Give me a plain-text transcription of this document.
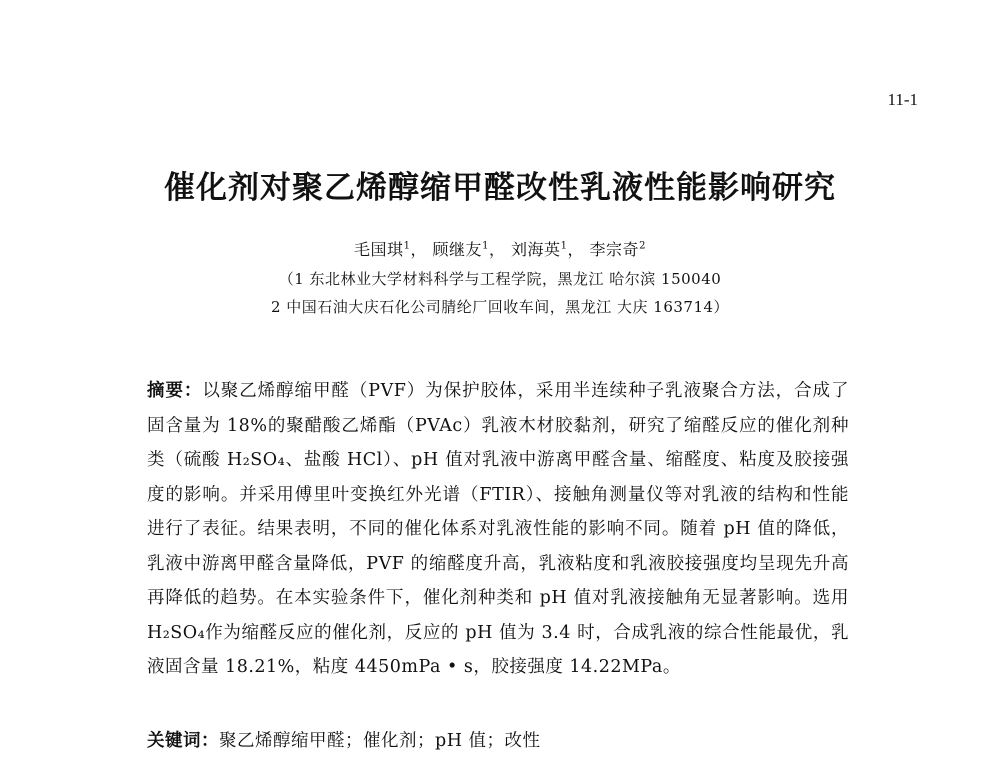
11-1
催化剂对聚乙烯醇缩甲醛改性乳液性能影响研究
毛国琪$^1$， 顾继友$^1$， 刘海英$^1$， 李宗奇$^2$
（1 东北林业大学材料科学与工程学院，黑龙江 哈尔滨 150040
2 中国石油大庆石化公司腈纶厂回收车间，黑龙江 大庆 163714）
摘要：以聚乙烯醇缩甲醛（PVF）为保护胶体，采用半连续种子乳液聚合方法，合成了固含量为 18%的聚醋酸乙烯酯（PVAc）乳液木材胶黏剂，研究了缩醛反应的催化剂种类（硫酸 H₂SO₄、盐酸 HCl）、pH 值对乳液中游离甲醛含量、缩醛度、粘度及胶接强度的影响。并采用傅里叶变换红外光谱（FTIR）、接触角测量仪等对乳液的结构和性能进行了表征。结果表明，不同的催化体系对乳液性能的影响不同。随着 pH 值的降低，乳液中游离甲醛含量降低，PVF 的缩醛度升高，乳液粘度和乳液胶接强度均呈现先升高再降低的趋势。在本实验条件下，催化剂种类和 pH 值对乳液接触角无显著影响。选用 H₂SO₄作为缩醛反应的催化剂，反应的 pH 值为 3.4 时，合成乳液的综合性能最优，乳液固含量 18.21%，粘度 4450mPa • s，胶接强度 14.22MPa。
关键词：聚乙烯醇缩甲醛；催化剂；pH 值；改性
